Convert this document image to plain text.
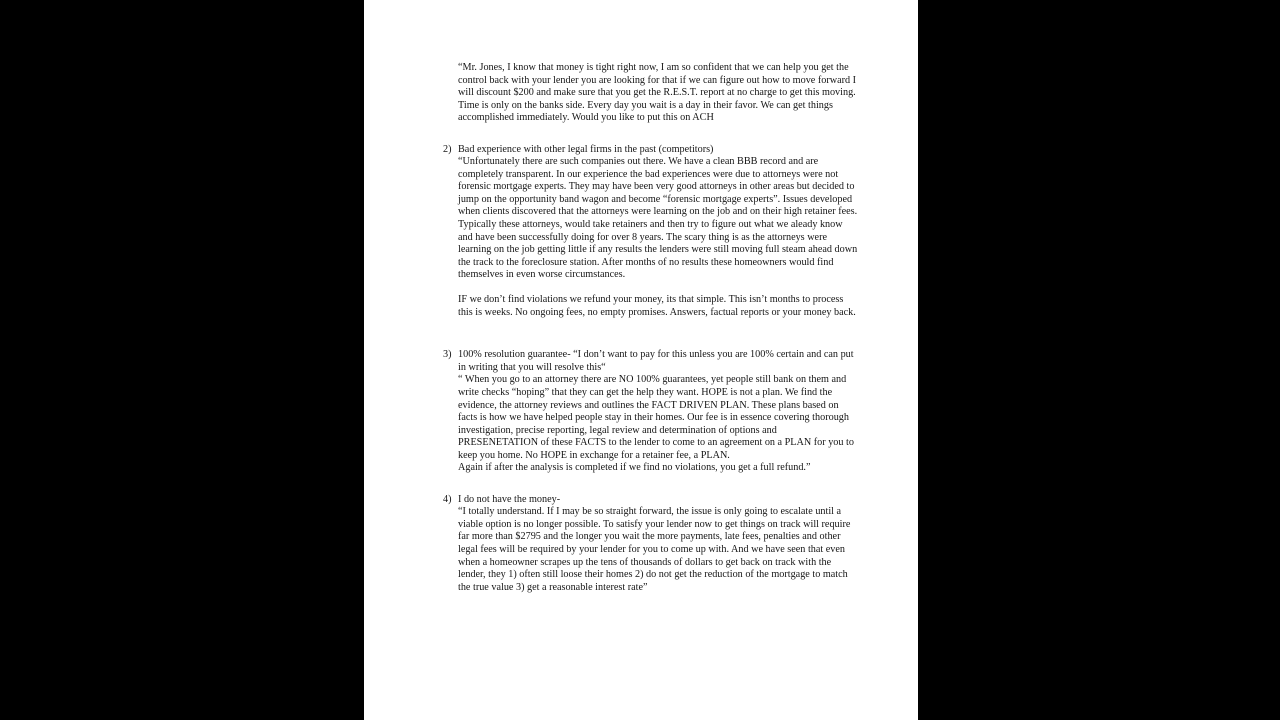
“Mr. Jones, I know that money is tight right now, I am so confident that we can help you get the control back with your lender you are looking for that if we can figure out how to move forward I will discount $200 and make sure that you get the R.E.S.T. report at no charge to get this moving. Time is only on the banks side. Every day you wait is a day in their favor. We can get things accomplished immediately. Would you like to put this on ACH

2) Bad experience with other legal firms in the past (competitors)

“Unfortunately there are such companies out there. We have a clean BBB record and are completely transparent. In our experience the bad experiences were due to attorneys were not forensic mortgage experts. They may have been very good attorneys in other areas but decided to jump on the opportunity band wagon and become “forensic mortgage experts”. Issues developed when clients discovered that the attorneys were learning on the job and on their high retainer fees. Typically these attorneys, would take retainers and then try to figure out what we aleady know and have been successfully doing for over 8 years. The scary thing is as the attorneys were learning on the job getting little if any results the lenders were still moving full steam ahead down the track to the foreclosure station. After months of no results these homeowners would find themselves in even worse circumstances.

IF we don’t find violations we refund your money, its that simple. This isn’t months to process this is weeks. No ongoing fees, no empty promises. Answers, factual reports or your money back.

3) 100% resolution guarantee- “I don’t want to pay for this unless you are 100% certain and can put in writing that you will resolve this“

“ When you go to an attorney there are NO 100% guarantees, yet people still bank on them and write checks “hoping” that they can get the help they want. HOPE is not a plan. We find the evidence, the attorney reviews and outlines the FACT DRIVEN PLAN. These plans based on facts is how we have helped people stay in their homes. Our fee is in essence covering thorough investigation, precise reporting, legal review and determination of options and PRESENETATION of these FACTS to the lender to come to an agreement on a PLAN for you to keep you home. No HOPE in exchange for a retainer fee, a PLAN.

Again if after the analysis is completed if we find no violations, you get a full refund.”

4) I do not have the money-

“I totally understand. If I may be so straight forward, the issue is only going to escalate until a viable option is no longer possible. To satisfy your lender now to get things on track will require far more than $2795 and the longer you wait the more payments, late fees, penalties and other legal fees will be required by your lender for you to come up with. And we have seen that even when a homeowner scrapes up the tens of thousands of dollars to get back on track with the lender, they 1) often still loose their homes 2) do not get the reduction of the mortgage to match the true value 3) get a reasonable interest rate”
